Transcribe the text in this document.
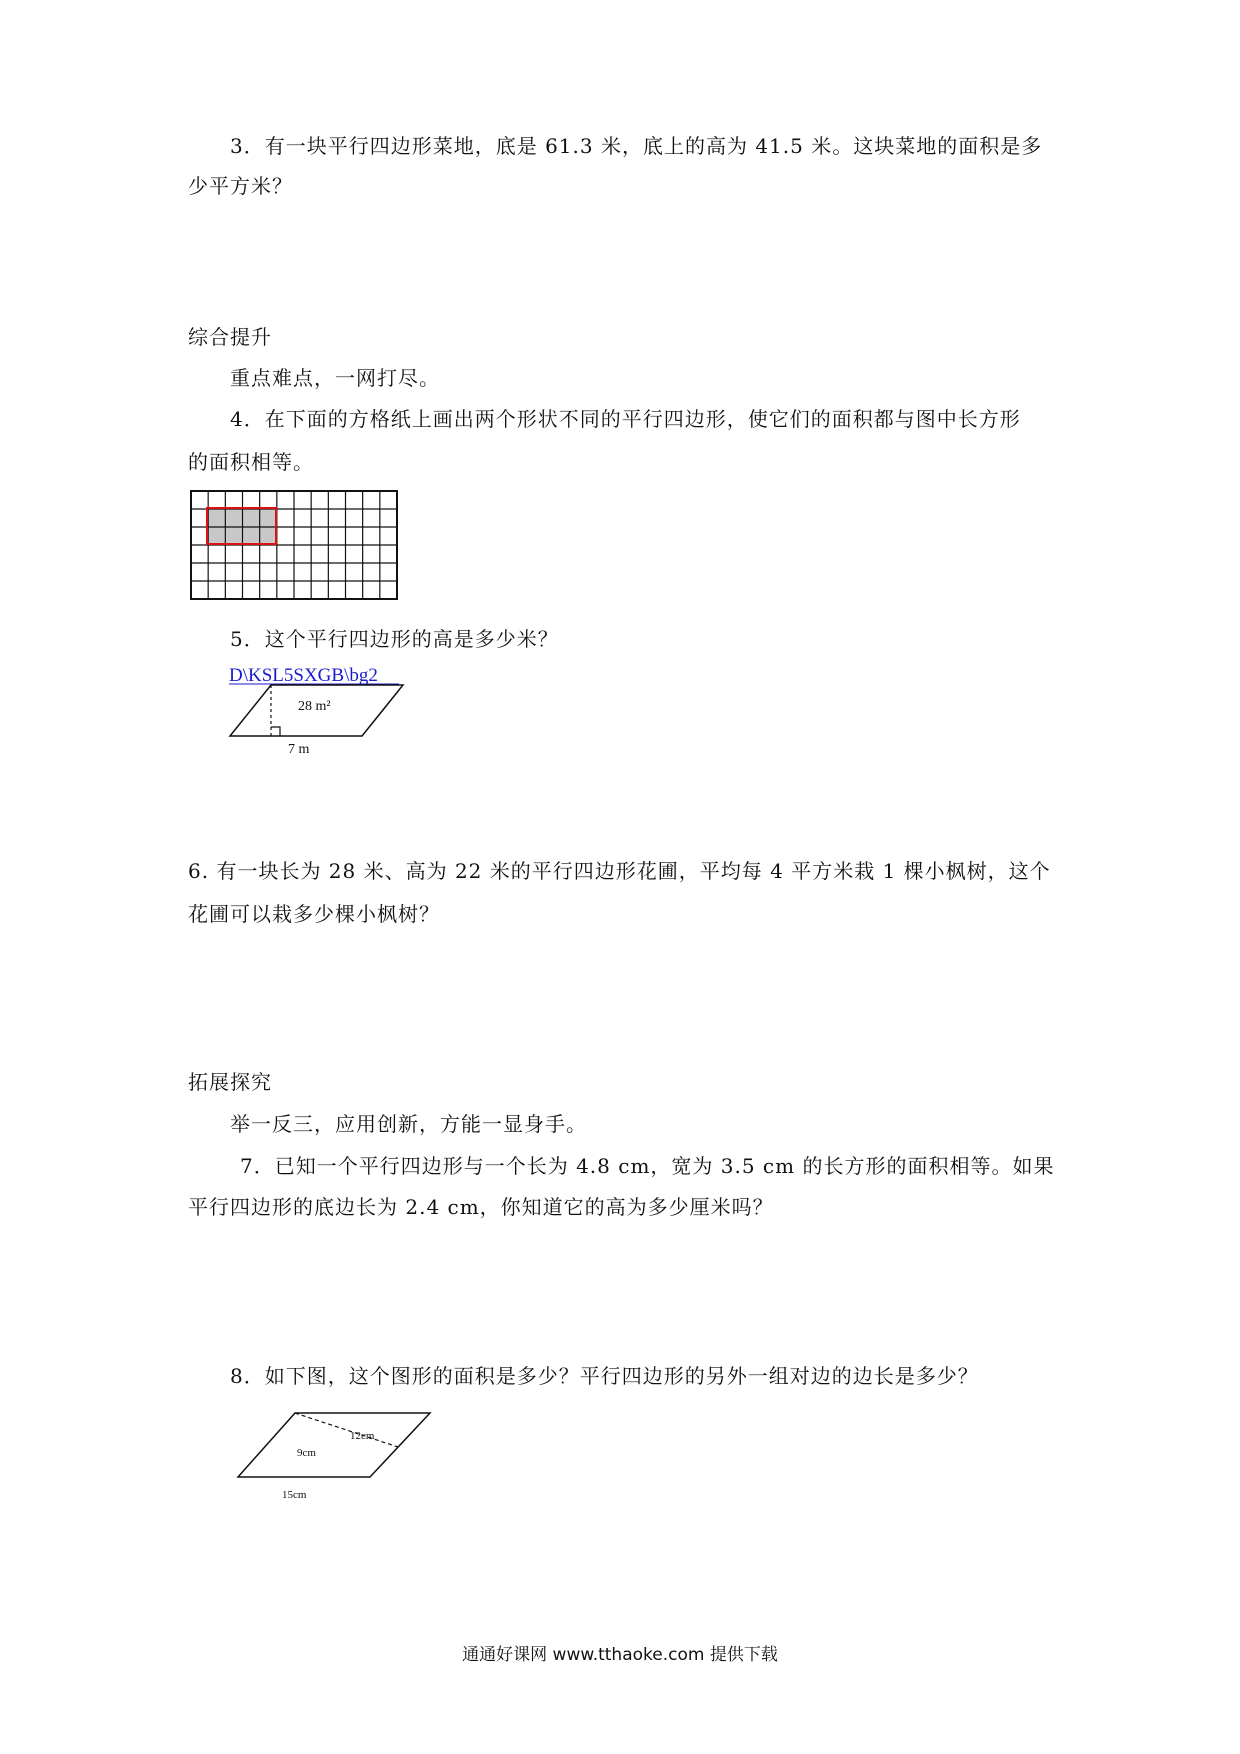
3．有一块平行四边形菜地，底是 61.3 米，底上的高为 41.5 米。这块菜地的面积是多
少平方米？
综合提升
重点难点，一网打尽。
4．在下面的方格纸上画出两个形状不同的平行四边形，使它们的面积都与图中长方形
的面积相等。
5．这个平行四边形的高是多少米？
D\KSL5SXGB\bg2
28 m²
7 m
6. 有一块长为 28 米、高为 22 米的平行四边形花圃，平均每 4 平方米栽 1 棵小枫树，这个
花圃可以栽多少棵小枫树？
拓展探究
举一反三，应用创新，方能一显身手。
7．已知一个平行四边形与一个长为 4.8 cm，宽为 3.5 cm 的长方形的面积相等。如果
平行四边形的底边长为 2.4 cm，你知道它的高为多少厘米吗？
8．如下图，这个图形的面积是多少？平行四边形的另外一组对边的边长是多少？
12cm
9cm
15cm
通通好课网 www.tthaoke.com 提供下载
